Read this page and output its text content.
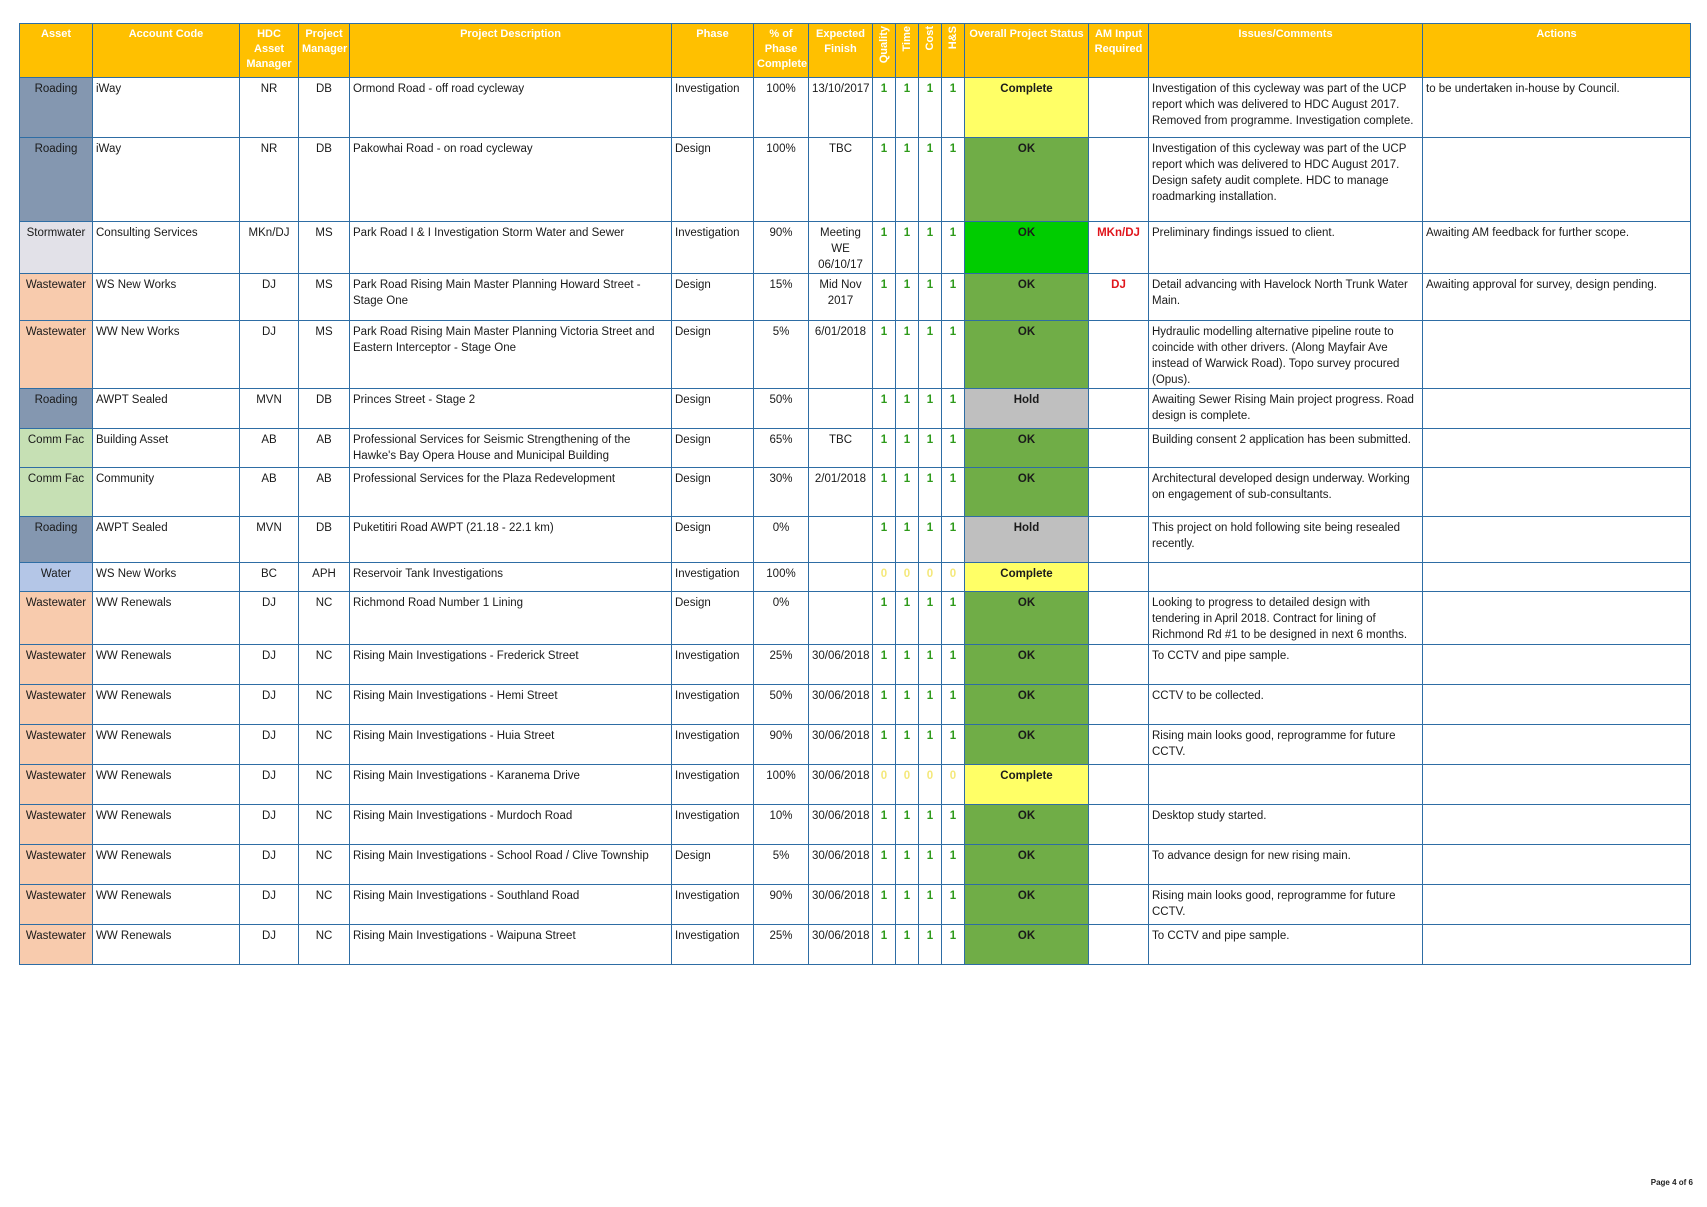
Asset	Account Code	HDC Asset Manager	Project Manager	Project Description	Phase	% of Phase Complete	Expected Finish	Quality	Time	Cost	H&S	Overall Project Status	AM Input Required	Issues/Comments	Actions
Roading	iWay	NR	DB	Ormond Road - off road cycleway	Investigation	100%	13/10/2017	1	1	1	1	Complete		Investigation of this cycleway was part of the UCP report which was delivered to HDC August 2017. Removed from programme. Investigation complete.	to be undertaken in-house by Council.
Roading	iWay	NR	DB	Pakowhai Road - on road cycleway	Design	100%	TBC	1	1	1	1	OK		Investigation of this cycleway was part of the UCP report which was delivered to HDC August 2017. Design safety audit complete. HDC to manage roadmarking installation.	
Stormwater	Consulting Services	MKn/DJ	MS	Park Road I & I Investigation Storm Water and Sewer	Investigation	90%	Meeting WE 06/10/17	1	1	1	1	OK	MKn/DJ	Preliminary findings issued to client.	Awaiting AM feedback for further scope.
Wastewater	WS New Works	DJ	MS	Park Road Rising Main Master Planning Howard Street - Stage One	Design	15%	Mid Nov 2017	1	1	1	1	OK	DJ	Detail advancing with Havelock North Trunk Water Main.	Awaiting approval for survey, design pending.
Wastewater	WW New Works	DJ	MS	Park Road Rising Main Master Planning Victoria Street and Eastern Interceptor - Stage One	Design	5%	6/01/2018	1	1	1	1	OK		Hydraulic modelling alternative pipeline route to coincide with other drivers. (Along Mayfair Ave instead of Warwick Road). Topo survey procured (Opus).	
Roading	AWPT Sealed	MVN	DB	Princes Street - Stage 2	Design	50%		1	1	1	1	Hold		Awaiting Sewer Rising Main project progress. Road design is complete.	
Comm Fac	Building Asset	AB	AB	Professional Services for Seismic Strengthening of the Hawke's Bay Opera House and Municipal Building	Design	65%	TBC	1	1	1	1	OK		Building consent 2 application has been submitted.	
Comm Fac	Community	AB	AB	Professional Services for the Plaza Redevelopment	Design	30%	2/01/2018	1	1	1	1	OK		Architectural developed design underway. Working on engagement of sub-consultants.	
Roading	AWPT Sealed	MVN	DB	Puketitiri Road AWPT (21.18 - 22.1 km)	Design	0%		1	1	1	1	Hold		This project on hold following site being resealed recently.	
Water	WS New Works	BC	APH	Reservoir Tank Investigations	Investigation	100%		0	0	0	0	Complete			
Wastewater	WW Renewals	DJ	NC	Richmond Road Number 1 Lining	Design	0%		1	1	1	1	OK		Looking to progress to detailed design with tendering in April 2018. Contract for lining of Richmond Rd #1 to be designed in next 6 months.	
Wastewater	WW Renewals	DJ	NC	Rising Main Investigations - Frederick Street	Investigation	25%	30/06/2018	1	1	1	1	OK		To CCTV and pipe sample.	
Wastewater	WW Renewals	DJ	NC	Rising Main Investigations - Hemi Street	Investigation	50%	30/06/2018	1	1	1	1	OK		CCTV to be collected.	
Wastewater	WW Renewals	DJ	NC	Rising Main Investigations - Huia Street	Investigation	90%	30/06/2018	1	1	1	1	OK		Rising main looks good, reprogramme for future CCTV.	
Wastewater	WW Renewals	DJ	NC	Rising Main Investigations - Karanema Drive	Investigation	100%	30/06/2018	0	0	0	0	Complete			
Wastewater	WW Renewals	DJ	NC	Rising Main Investigations - Murdoch Road	Investigation	10%	30/06/2018	1	1	1	1	OK		Desktop study started.	
Wastewater	WW Renewals	DJ	NC	Rising Main Investigations - School Road / Clive Township	Design	5%	30/06/2018	1	1	1	1	OK		To advance design for new rising main.	
Wastewater	WW Renewals	DJ	NC	Rising Main Investigations - Southland Road	Investigation	90%	30/06/2018	1	1	1	1	OK		Rising main looks good, reprogramme for future CCTV.	
Wastewater	WW Renewals	DJ	NC	Rising Main Investigations - Waipuna Street	Investigation	25%	30/06/2018	1	1	1	1	OK		To CCTV and pipe sample.	
Page 4 of 6
